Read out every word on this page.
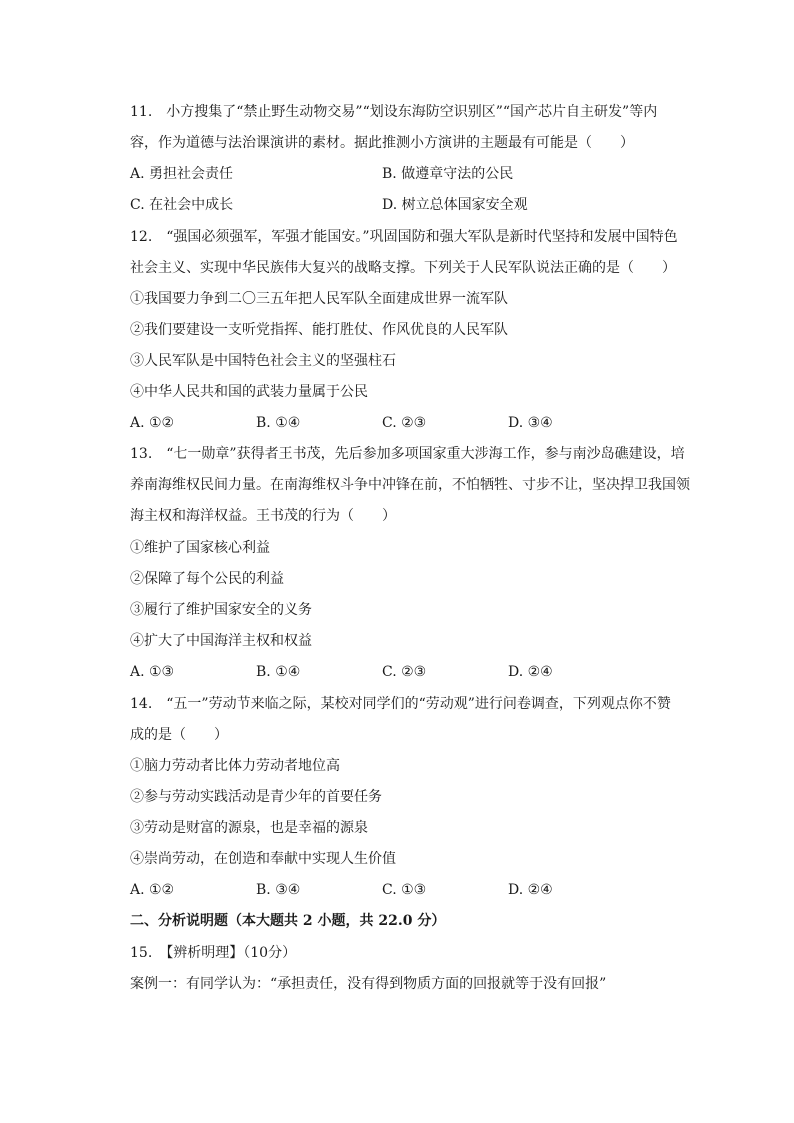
11.　小方搜集了“禁止野生动物交易”“划设东海防空识别区”“国产芯片自主研发”等内
容，作为道德与法治课演讲的素材。据此推测小方演讲的主题最有可能是（　　）
A. 勇担社会责任	B. 做遵章守法的公民
C. 在社会中成长	D. 树立总体国家安全观
12.　“强国必须强军，军强才能国安。”巩固国防和强大军队是新时代坚持和发展中国特色
社会主义、实现中华民族伟大复兴的战略支撑。下列关于人民军队说法正确的是（　　）
①我国要力争到二〇三五年把人民军队全面建成世界一流军队
②我们要建设一支听党指挥、能打胜仗、作风优良的人民军队
③人民军队是中国特色社会主义的坚强柱石
④中华人民共和国的武装力量属于公民
A. ①②	B. ①④	C. ②③	D. ③④
13.　“七一勋章”获得者王书茂，先后参加多项国家重大涉海工作，参与南沙岛礁建设，培
养南海维权民间力量。在南海维权斗争中冲锋在前，不怕牺牲、寸步不让，坚决捍卫我国领
海主权和海洋权益。王书茂的行为（　　）
①维护了国家核心利益
②保障了每个公民的利益
③履行了维护国家安全的义务
④扩大了中国海洋主权和权益
A. ①③	B. ①④	C. ②③	D. ②④
14.　“五一”劳动节来临之际，某校对同学们的“劳动观”进行问卷调查，下列观点你不赞
成的是（　　）
①脑力劳动者比体力劳动者地位高
②参与劳动实践活动是青少年的首要任务
③劳动是财富的源泉，也是幸福的源泉
④崇尚劳动，在创造和奉献中实现人生价值
A. ①②	B. ③④	C. ①③	D. ②④
二、分析说明题（本大题共 2 小题，共 22.0 分）
15.　【辨析明理】（10分）
案例一：有同学认为：“承担责任，没有得到物质方面的回报就等于没有回报”
